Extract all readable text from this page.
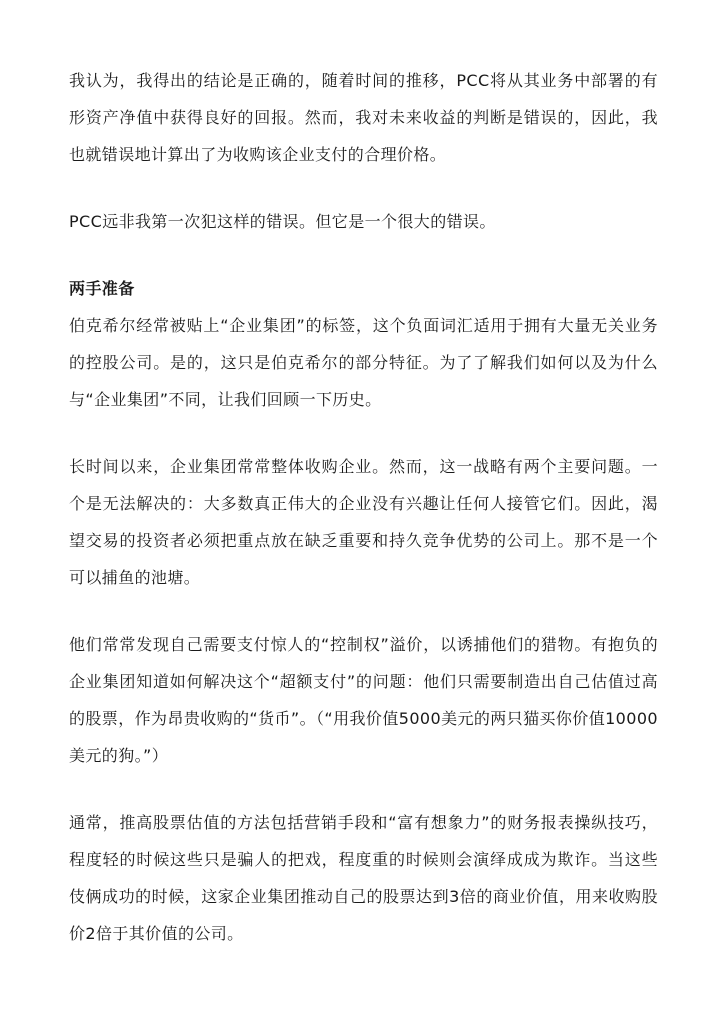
我认为，我得出的结论是正确的，随着时间的推移，PCC将从其业务中部署的有形资产净值中获得良好的回报。然而，我对未来收益的判断是错误的，因此，我也就错误地计算出了为收购该企业支付的合理价格。

PCC远非我第一次犯这样的错误。但它是一个很大的错误。

两手准备

伯克希尔经常被贴上“企业集团”的标签，这个负面词汇适用于拥有大量无关业务的控股公司。是的，这只是伯克希尔的部分特征。为了了解我们如何以及为什么与“企业集团”不同，让我们回顾一下历史。

长时间以来，企业集团常常整体收购企业。然而，这一战略有两个主要问题。一个是无法解决的：大多数真正伟大的企业没有兴趣让任何人接管它们。因此，渴望交易的投资者必须把重点放在缺乏重要和持久竞争优势的公司上。那不是一个可以捕鱼的池塘。

他们常常发现自己需要支付惊人的“控制权”溢价，以诱捕他们的猎物。有抱负的企业集团知道如何解决这个“超额支付”的问题：他们只需要制造出自己估值过高的股票，作为昂贵收购的“货币”。（“用我价值5000美元的两只猫买你价值10000美元的狗。”）

通常，推高股票估值的方法包括营销手段和“富有想象力”的财务报表操纵技巧，程度轻的时候这些只是骗人的把戏，程度重的时候则会演绎成成为欺诈。当这些伎俩成功的时候，这家企业集团推动自己的股票达到3倍的商业价值，用来收购股价2倍于其价值的公司。
